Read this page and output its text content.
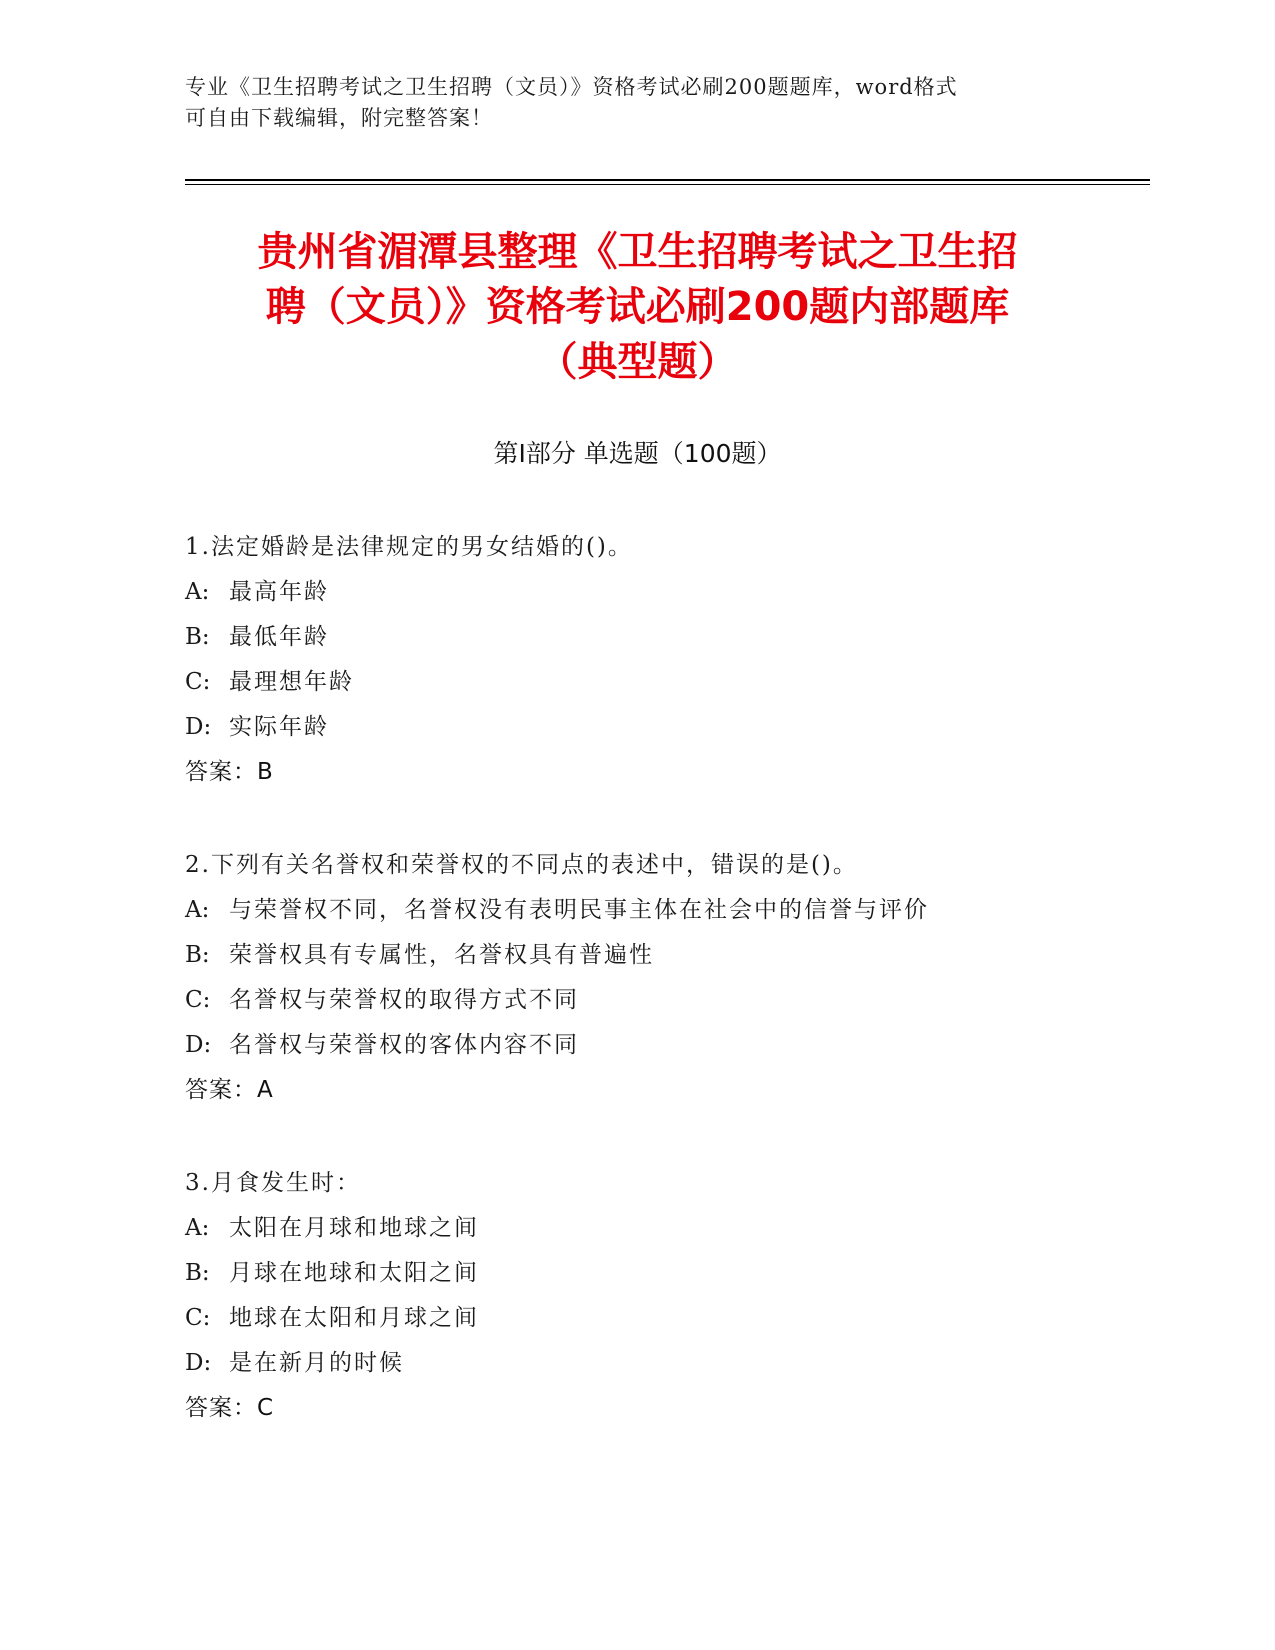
专业《卫生招聘考试之卫生招聘（文员）》资格考试必刷200题题库，word格式
可自由下载编辑，附完整答案！
贵州省湄潭县整理《卫生招聘考试之卫生招
聘（文员）》资格考试必刷200题内部题库
（典型题）
第Ⅰ部分 单选题（100题）
1.法定婚龄是法律规定的男女结婚的()。
A: 最高年龄
B: 最低年龄
C: 最理想年龄
D: 实际年龄
答案：B
2.下列有关名誉权和荣誉权的不同点的表述中，错误的是()。
A: 与荣誉权不同，名誉权没有表明民事主体在社会中的信誉与评价
B: 荣誉权具有专属性，名誉权具有普遍性
C: 名誉权与荣誉权的取得方式不同
D: 名誉权与荣誉权的客体内容不同
答案：A
3.月食发生时：
A: 太阳在月球和地球之间
B: 月球在地球和太阳之间
C: 地球在太阳和月球之间
D: 是在新月的时候
答案：C
